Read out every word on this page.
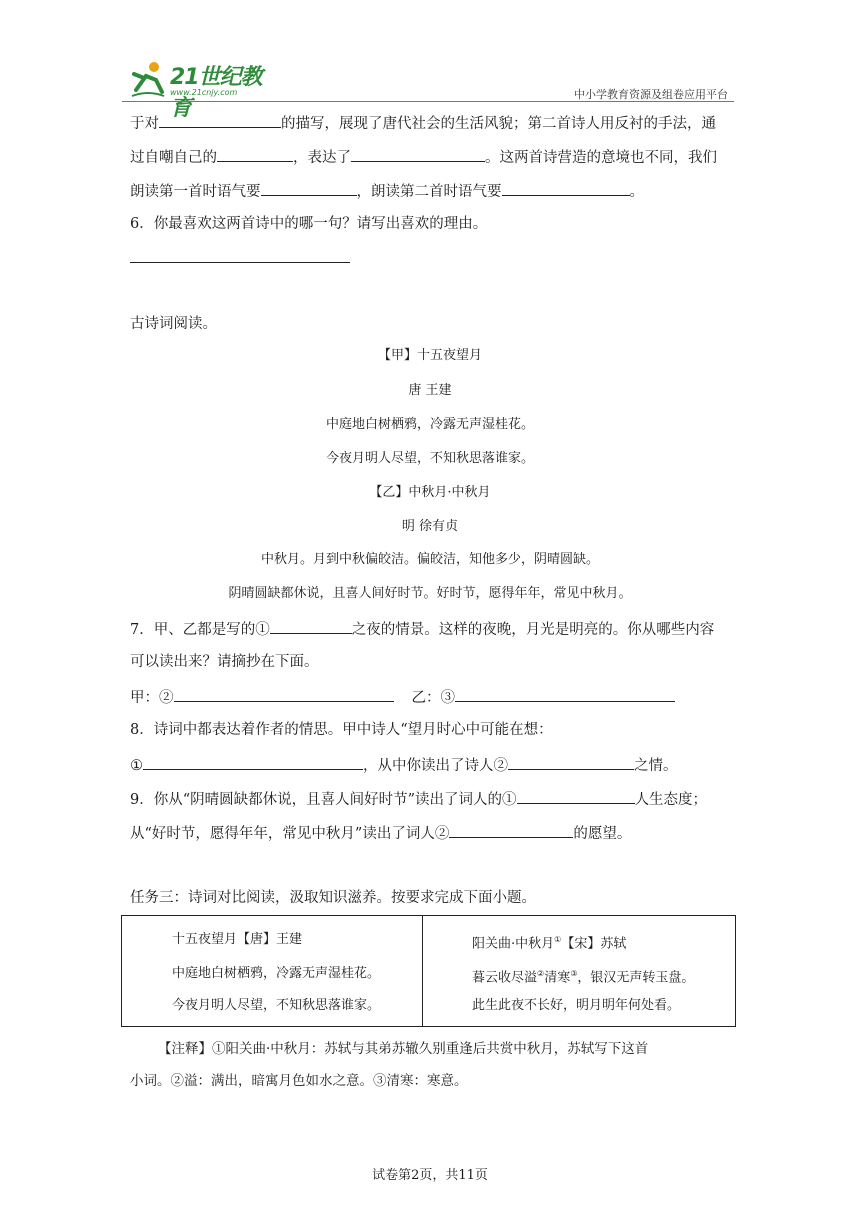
21世纪教育
www.21cnjy.com	中小学教育资源及组卷应用平台
于对	的描写，展现了唐代社会的生活风貌；第二首诗人用反衬的手法，通
过自嘲自己的	，表达了	。这两首诗营造的意境也不同，我们
朗读第一首时语气要	，朗读第二首时语气要	。
6．你最喜欢这两首诗中的哪一句？请写出喜欢的理由。
古诗词阅读。
【甲】十五夜望月
唐 王建
中庭地白树栖鸦，冷露无声湿桂花。
今夜月明人尽望，不知秋思落谁家。
【乙】中秋月·中秋月
明 徐有贞
中秋月。月到中秋偏皎洁。偏皎洁，知他多少，阴晴圆缺。
阴晴圆缺都休说，且喜人间好时节。好时节，愿得年年，常见中秋月。
7．甲、乙都是写的①	之夜的情景。这样的夜晚，月光是明亮的。你从哪些内容
可以读出来？请摘抄在下面。
甲：②	乙：③
8．诗词中都表达着作者的情思。甲中诗人“望月时心中可能在想：
①	，从中你读出了诗人②	之情。
9．你从“阴晴圆缺都休说，且喜人间好时节”读出了词人的①	人生态度；
从“好时节，愿得年年，常见中秋月”读出了词人②	的愿望。
任务三：诗词对比阅读，汲取知识滋养。按要求完成下面小题。
十五夜望月【唐】王建
中庭地白树栖鸦，冷露无声湿桂花。
今夜月明人尽望，不知秋思落谁家。
阳关曲·中秋月①【宋】苏轼
暮云收尽溢②清寒③，银汉无声转玉盘。
此生此夜不长好，明月明年何处看。
【注释】①阳关曲·中秋月：苏轼与其弟苏辙久别重逢后共赏中秋月，苏轼写下这首
小词。②溢：满出，暗寓月色如水之意。③清寒：寒意。
试卷第2页，共11页
